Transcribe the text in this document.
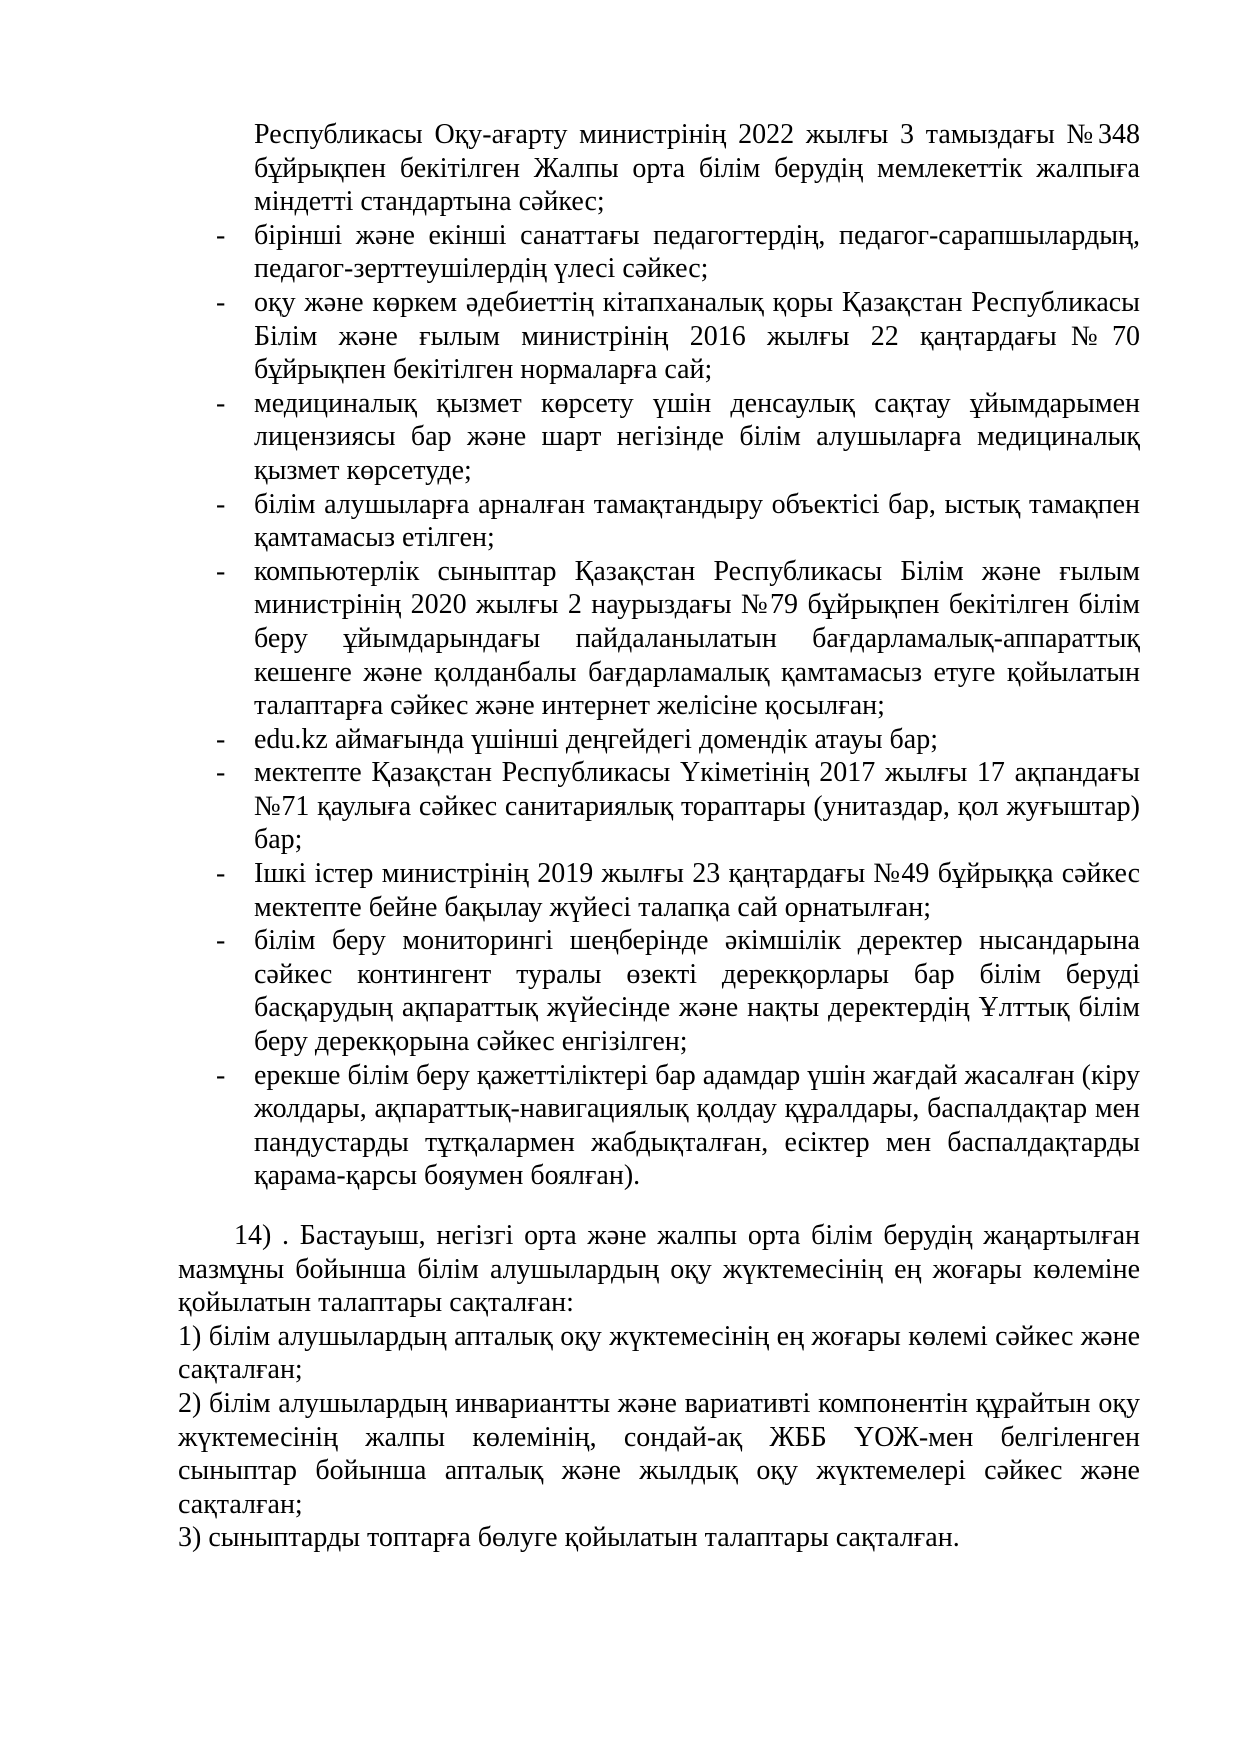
Республикасы Оқу-ағарту министрінің 2022 жылғы 3 тамыздағы №348 бұйрықпен бекітілген Жалпы орта білім берудің мемлекеттік жалпыға міндетті стандартына сәйкес;
-	бірінші және екінші санаттағы педагогтердің, педагог-сарапшылардың, педагог-зерттеушілердің үлесі сәйкес;
-	оқу және көркем әдебиеттің кітапханалық қоры Қазақстан Республикасы Білім және ғылым министрінің 2016 жылғы 22 қаңтардағы№70 бұйрықпен бекітілген нормаларға сай;
-	медициналық қызмет көрсету үшін денсаулық сақтау ұйымдарымен лицензиясы бар және шарт негізінде білім алушыларға медициналық қызмет көрсетуде;
-	білім алушыларға арналған тамақтандыру объектісі бар, ыстық тамақпен қамтамасыз етілген;
-	компьютерлік сыныптар Қазақстан Республикасы Білім және ғылым министрінің 2020 жылғы 2 наурыздағы №79 бұйрықпен бекітілген білім беру ұйымдарындағы пайдаланылатын бағдарламалық-аппараттық кешенге және қолданбалы бағдарламалық қамтамасыз етуге қойылатын талаптарға сәйкес және интернет желісіне қосылған;
-	edu.kz аймағында үшінші деңгейдегі домендік атауы бар;
-	мектепте Қазақстан Республикасы Үкіметінің 2017 жылғы 17 ақпандағы №71 қаулыға сәйкес санитариялық тораптары (унитаздар, қол жуғыштар) бар;
-	Ішкі істер министрінің 2019 жылғы 23 қаңтардағы №49 бұйрыққа сәйкес мектепте бейне бақылау жүйесі талапқа сай орнатылған;
-	білім беру мониторингі шеңберінде әкімшілік деректер нысандарына сәйкес контингент туралы өзекті дерекқорлары бар білім беруді басқарудың ақпараттық жүйесінде және нақты деректердің Ұлттық білім беру дерекқорына сәйкес енгізілген;
-	ерекше білім беру қажеттіліктері бар адамдар үшін жағдай жасалған (кіру жолдары, ақпараттық-навигациялық қолдау құралдары, баспалдақтар мен пандустарды тұтқалармен жабдықталған, есіктер мен баспалдақтарды қарама-қарсы бояумен боялған).
14) . Бастауыш, негізгі орта және жалпы орта білім берудің жаңартылған мазмұны бойынша білім алушылардың оқу жүктемесінің ең жоғары көлеміне қойылатын талаптары сақталған:
1) білім алушылардың апталық оқу жүктемесінің ең жоғары көлемі сәйкес және сақталған;
2) білім алушылардың инвариантты және вариативті компонентін құрайтын оқу жүктемесінің жалпы көлемінің, сондай-ақ ЖББ ҮОЖ-мен белгіленген сыныптар бойынша апталық және жылдық оқу жүктемелері сәйкес және сақталған;
3) сыныптарды топтарға бөлуге қойылатын талаптары сақталған.
